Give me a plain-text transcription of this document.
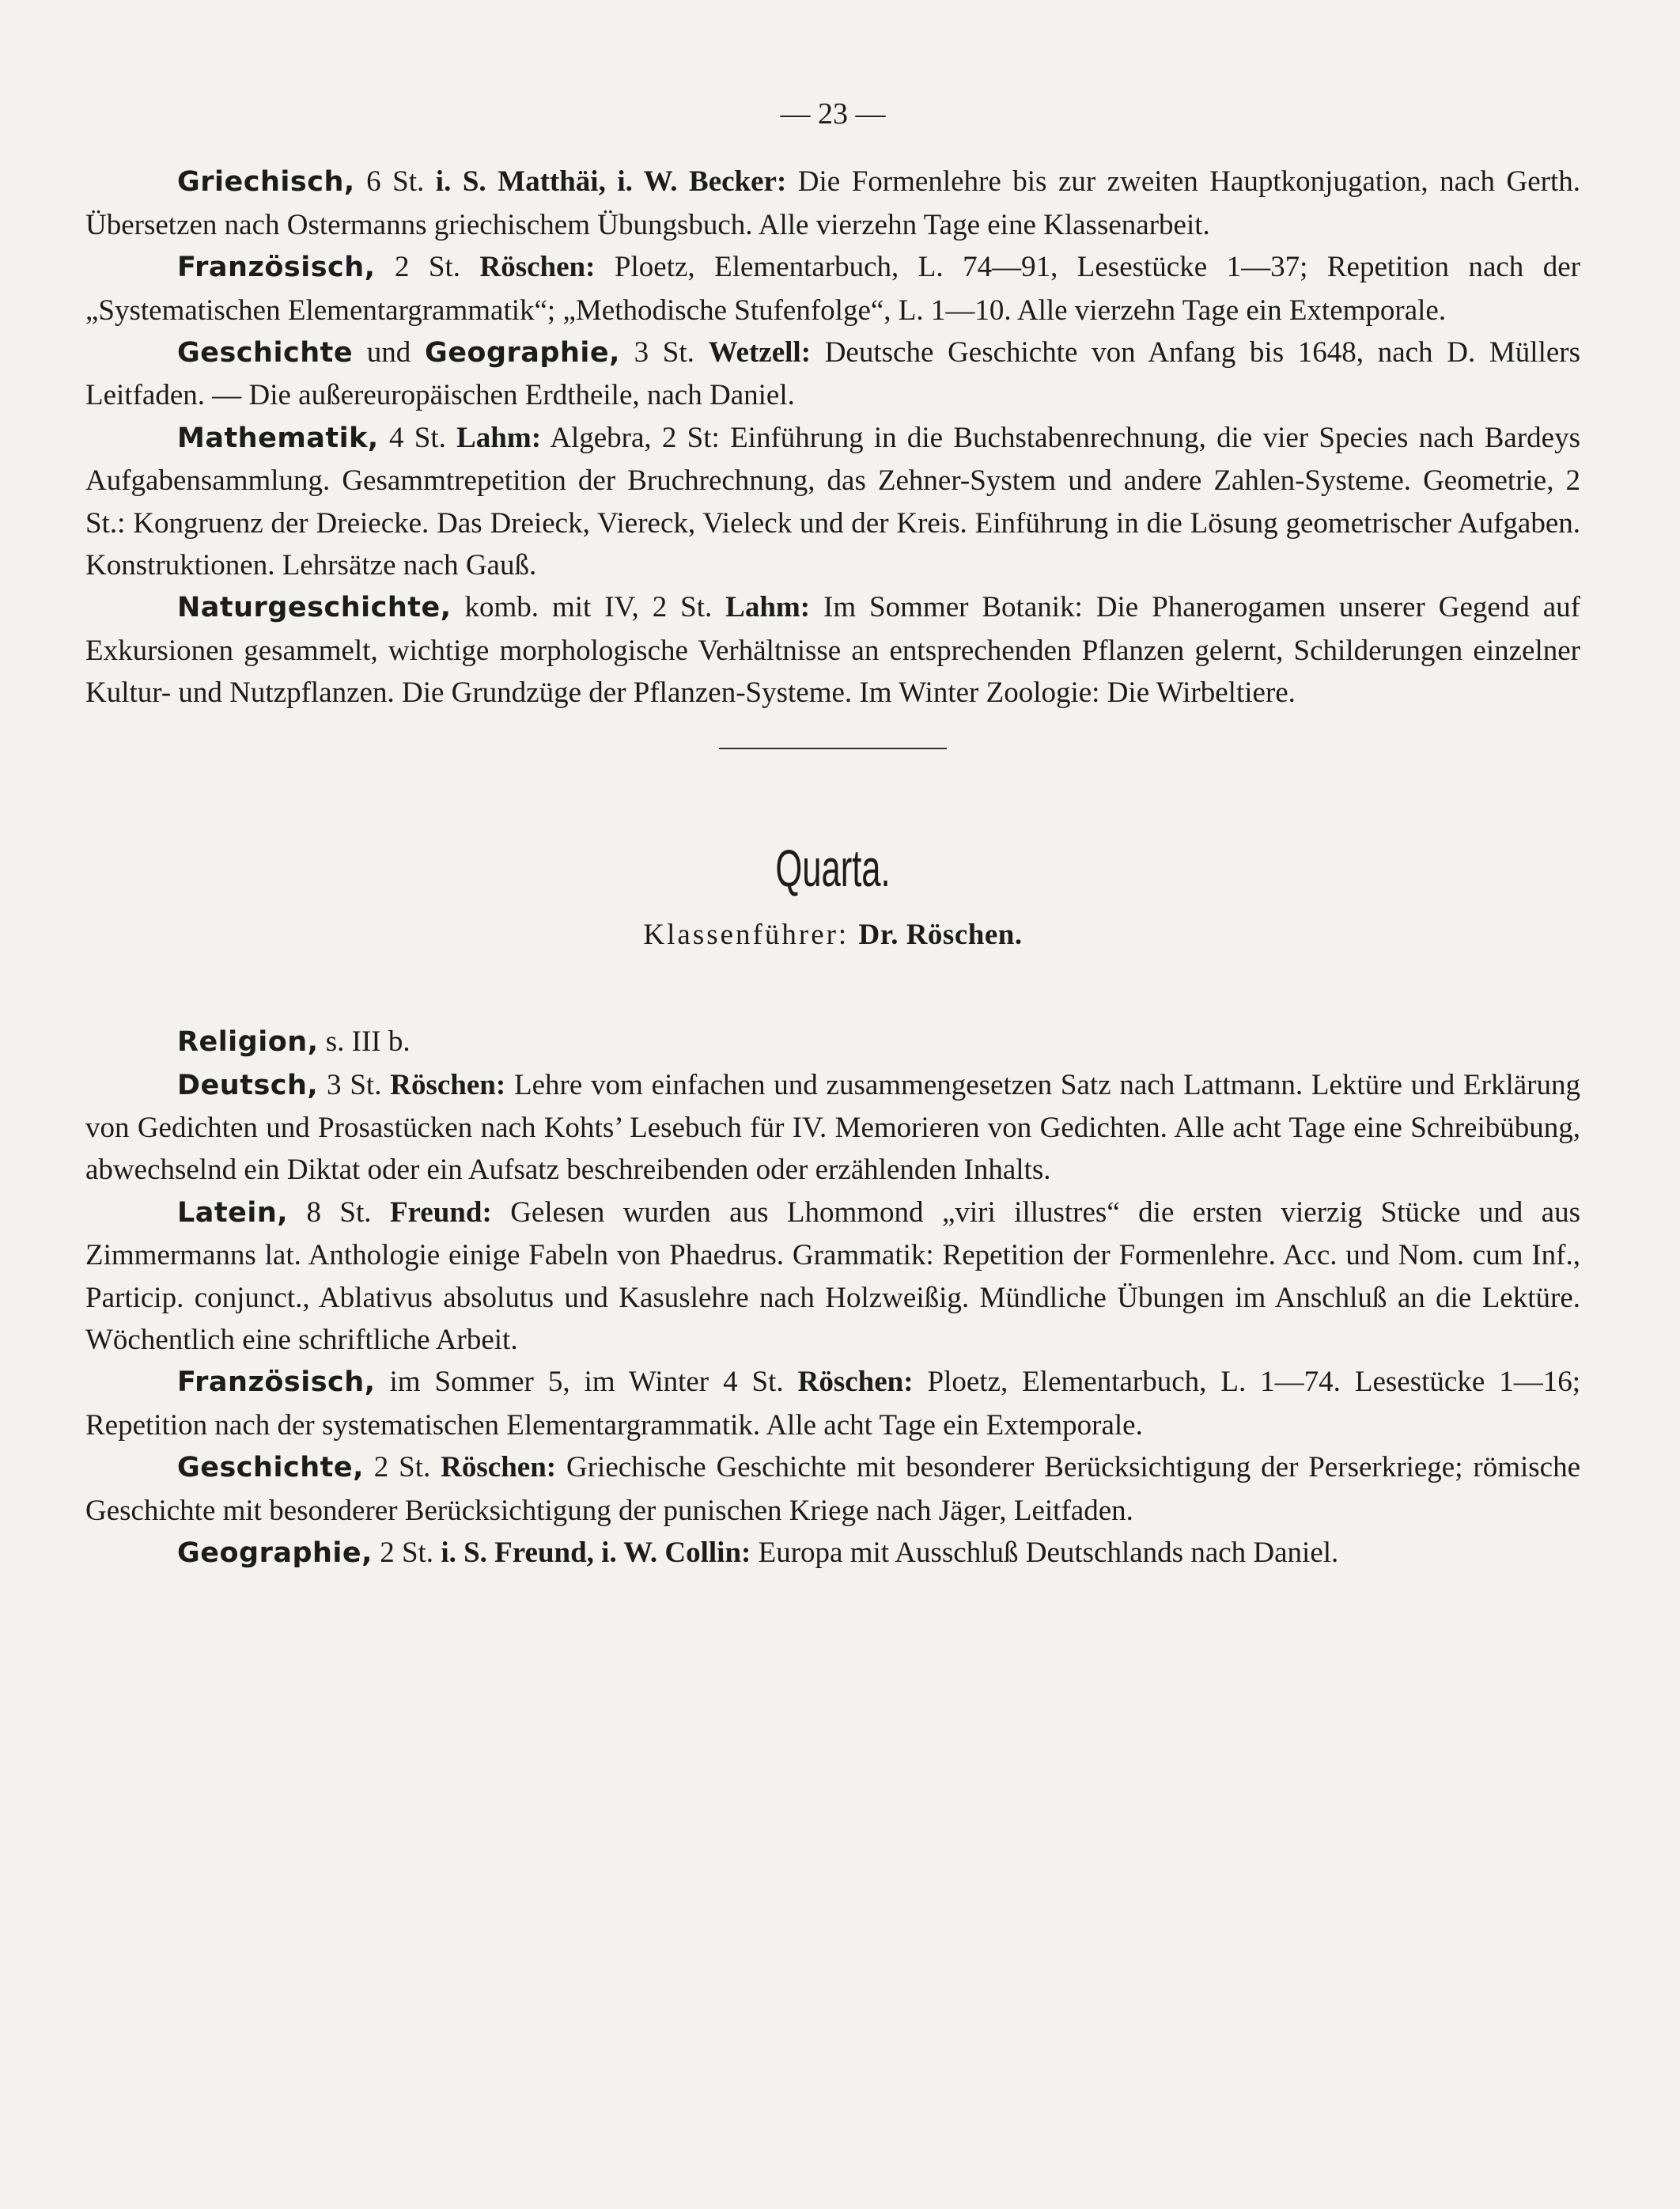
— 23 —

Griechisch, 6 St. i. S. Matthäi, i. W. Becker: Die Formenlehre bis zur zweiten Hauptkonjugation, nach Gerth. Übersetzen nach Ostermanns griechischem Übungsbuch. Alle vierzehn Tage eine Klassenarbeit.

Französisch, 2 St. Röschen: Ploetz, Elementarbuch, L. 74—91, Lesestücke 1—37; Repetition nach der „Systematischen Elementargrammatik“; „Methodische Stufenfolge“, L. 1—10. Alle vierzehn Tage ein Extemporale.

Geschichte und Geographie, 3 St. Wetzell: Deutsche Geschichte von Anfang bis 1648, nach D. Müllers Leitfaden. — Die außereuropäischen Erdtheile, nach Daniel.

Mathematik, 4 St. Lahm: Algebra, 2 St: Einführung in die Buchstabenrechnung, die vier Species nach Bardeys Aufgabensammlung. Gesammtrepetition der Bruchrechnung, das Zehner-System und andere Zahlen-Systeme. Geometrie, 2 St.: Kongruenz der Dreiecke. Das Dreieck, Viereck, Vieleck und der Kreis. Einführung in die Lösung geometrischer Aufgaben. Konstruktionen. Lehrsätze nach Gauß.

Naturgeschichte, komb. mit IV, 2 St. Lahm: Im Sommer Botanik: Die Phanerogamen unserer Gegend auf Exkursionen gesammelt, wichtige morphologische Verhältnisse an entsprechenden Pflanzen gelernt, Schilderungen einzelner Kultur- und Nutzpflanzen. Die Grundzüge der Pflanzen-Systeme. Im Winter Zoologie: Die Wirbeltiere.

Quarta.

Klassenführer: Dr. Röschen.

Religion, s. III b.

Deutsch, 3 St. Röschen: Lehre vom einfachen und zusammengesetzen Satz nach Lattmann. Lektüre und Erklärung von Gedichten und Prosastücken nach Kohts’ Lesebuch für IV. Memorieren von Gedichten. Alle acht Tage eine Schreibübung, abwechselnd ein Diktat oder ein Aufsatz beschreibenden oder erzählenden Inhalts.

Latein, 8 St. Freund: Gelesen wurden aus Lhommond „viri illustres“ die ersten vierzig Stücke und aus Zimmermanns lat. Anthologie einige Fabeln von Phaedrus. Grammatik: Repetition der Formenlehre. Acc. und Nom. cum Inf., Particip. conjunct., Ablativus absolutus und Kasuslehre nach Holzweißig. Mündliche Übungen im Anschluß an die Lektüre. Wöchentlich eine schriftliche Arbeit.

Französisch, im Sommer 5, im Winter 4 St. Röschen: Ploetz, Elementarbuch, L. 1—74. Lesestücke 1—16; Repetition nach der systematischen Elementargrammatik. Alle acht Tage ein Extemporale.

Geschichte, 2 St. Röschen: Griechische Geschichte mit besonderer Berücksichtigung der Perserkriege; römische Geschichte mit besonderer Berücksichtigung der punischen Kriege nach Jäger, Leitfaden.

Geographie, 2 St. i. S. Freund, i. W. Collin: Europa mit Ausschluß Deutschlands nach Daniel.
